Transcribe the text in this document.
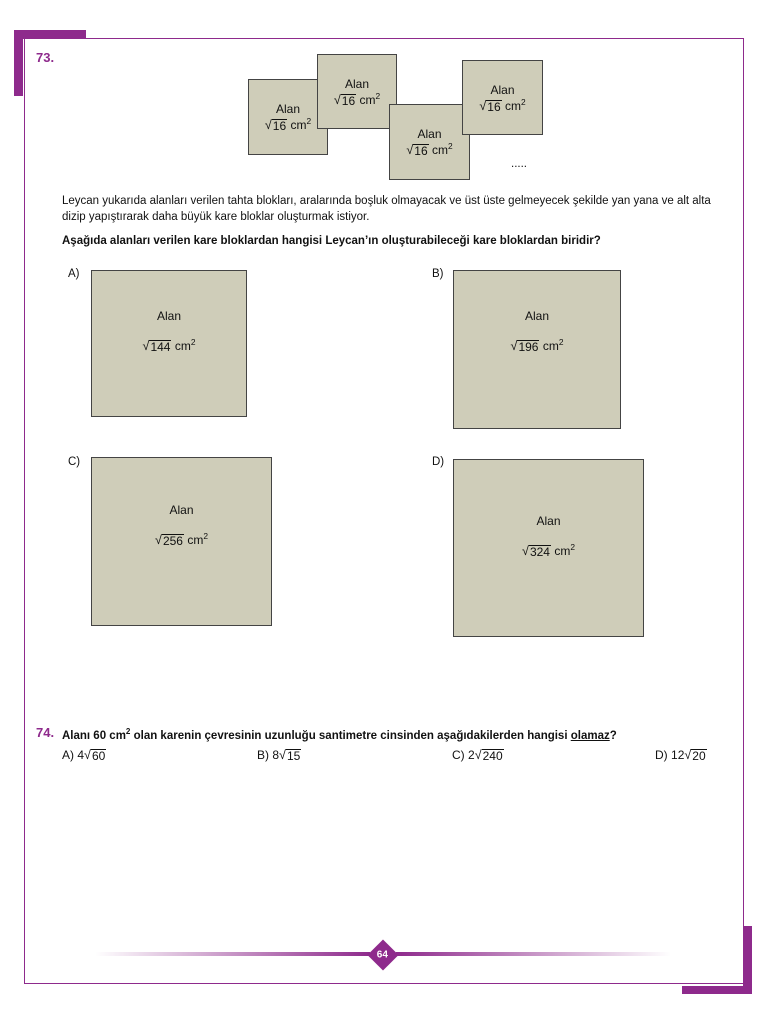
73.
Alan
√ 16 $cm^2$
Alan
√ 16 $cm^2$
Alan
√ 16 $cm^2$
Alan
√ 16 $cm^2$
.....
Leycan yukarıda alanları verilen tahta blokları, aralarında boşluk olmayacak ve üst üste gelmeyecek şekilde yan yana ve alt alta dizip yapıştırarak daha büyük kare bloklar oluşturmak istiyor.
Aşağıda alanları verilen kare bloklardan hangisi Leycan’ın oluşturabileceği kare bloklardan biridir?
A)
Alan
√ 144 $cm^2$
B)
Alan
√ 196 $cm^2$
C)
Alan
√ 256 $cm^2$
D)
Alan
√ 324 $cm^2$
74. Alanı 60 $cm^2$ olan karenin çevresinin uzunluğu santimetre cinsinden aşağıdakilerden hangisi olamaz?
A) 4 √ 60	B) 8 √ 15	C) 2 √ 240	D) 12 √ 20
64
